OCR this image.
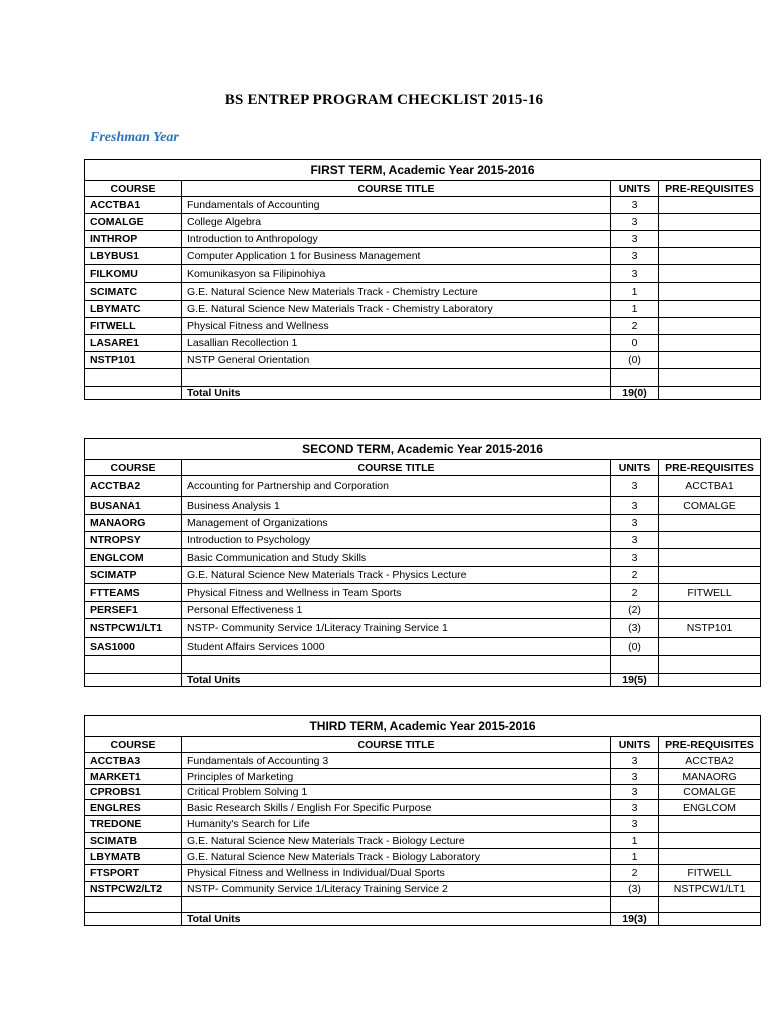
BS ENTREP PROGRAM CHECKLIST 2015-16
Freshman Year
FIRST TERM, Academic Year 2015-2016			
COURSE	COURSE TITLE	UNITS	PRE-REQUISITES
ACCTBA1	Fundamentals of Accounting	3	
COMALGE	College Algebra	3	
INTHROP	Introduction to Anthropology	3	
LBYBUS1	Computer Application 1 for Business Management	3	
FILKOMU	Komunikasyon sa Filipinohiya	3	
SCIMATC	G.E. Natural Science New Materials Track - Chemistry Lecture	1	
LBYMATC	G.E. Natural Science New Materials Track - Chemistry Laboratory	1	
FITWELL	Physical Fitness and Wellness	2	
LASARE1	Lasallian Recollection 1	0	
NSTP101	NSTP General Orientation	(0)	

	Total Units	19(0)	
SECOND TERM, Academic Year 2015-2016			
COURSE	COURSE TITLE	UNITS	PRE-REQUISITES
ACCTBA2	Accounting for Partnership and Corporation	3	ACCTBA1
BUSANA1	Business Analysis 1	3	COMALGE
MANAORG	Management of Organizations	3	
NTROPSY	Introduction to Psychology	3	
ENGLCOM	Basic Communication and Study Skills	3	
SCIMATP	G.E. Natural Science New Materials Track - Physics Lecture	2	
FTTEAMS	Physical Fitness and Wellness in Team Sports	2	FITWELL
PERSEF1	Personal Effectiveness 1	(2)	
NSTPCW1/LT1	NSTP- Community Service 1/Literacy Training Service 1	(3)	NSTP101
SAS1000	Student Affairs Services 1000	(0)	

	Total Units	19(5)	
THIRD TERM, Academic Year 2015-2016			
COURSE	COURSE TITLE	UNITS	PRE-REQUISITES
ACCTBA3	Fundamentals of Accounting 3	3	ACCTBA2
MARKET1	Principles of Marketing	3	MANAORG
CPROBS1	Critical Problem Solving 1	3	COMALGE
ENGLRES	Basic Research Skills / English For Specific Purpose	3	ENGLCOM
TREDONE	Humanity's Search for Life	3	
SCIMATB	G.E. Natural Science New Materials Track - Biology Lecture	1	
LBYMATB	G.E. Natural Science New Materials Track - Biology Laboratory	1	
FTSPORT	Physical Fitness and Wellness in Individual/Dual Sports	2	FITWELL
NSTPCW2/LT2	NSTP- Community Service 1/Literacy Training Service 2	(3)	NSTPCW1/LT1

	Total Units	19(3)	
